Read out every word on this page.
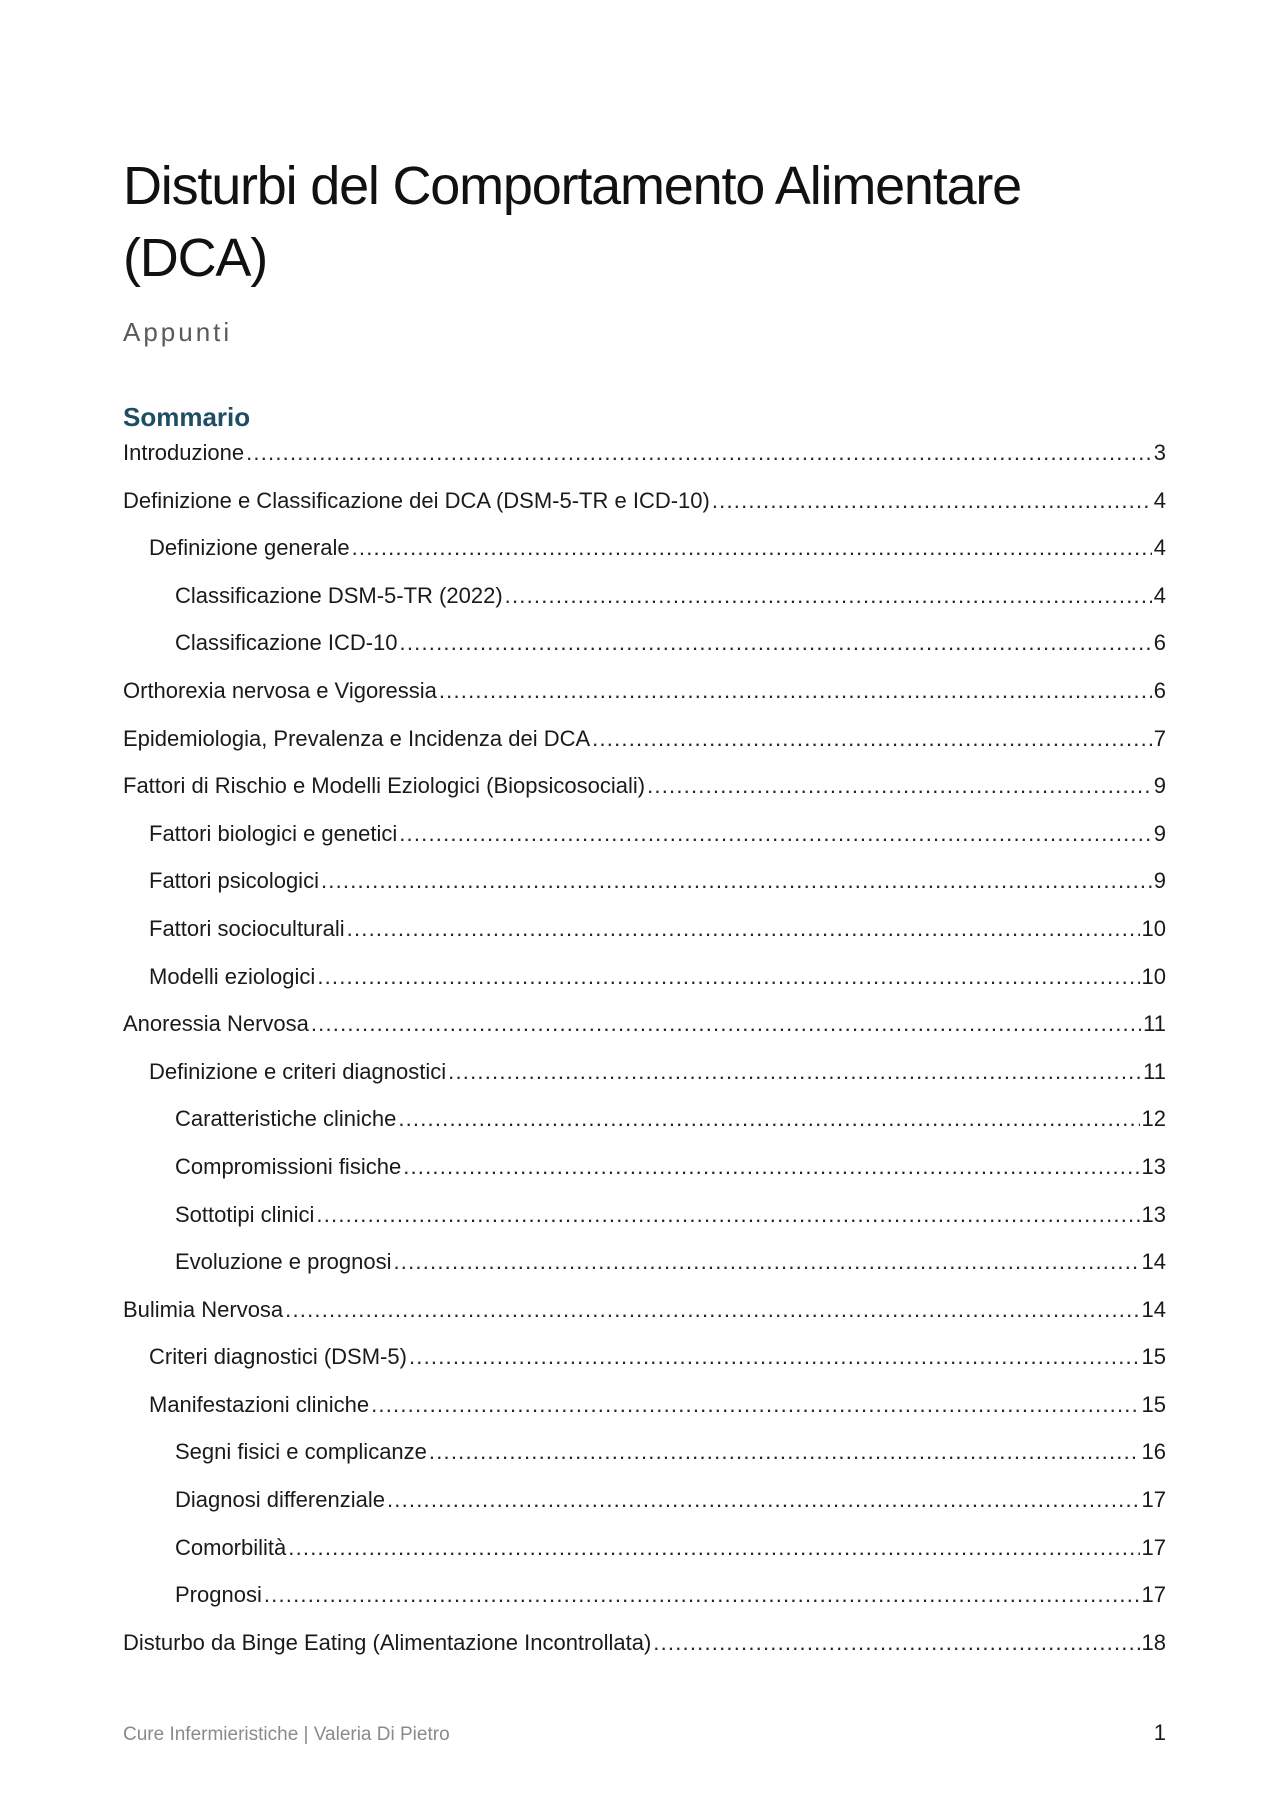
Disturbi del Comportamento Alimentare (DCA)
Appunti
Sommario
Introduzione .....	3
Definizione e Classificazione dei DCA (DSM-5-TR e ICD-10) .....	4
Definizione generale .....	4
Classificazione DSM-5-TR (2022) .....	4
Classificazione ICD-10 .....	6
Orthorexia nervosa e Vigoressia .....	6
Epidemiologia, Prevalenza e Incidenza dei DCA .....	7
Fattori di Rischio e Modelli Eziologici (Biopsicosociali) .....	9
Fattori biologici e genetici .....	9
Fattori psicologici .....	9
Fattori socioculturali .....	10
Modelli eziologici .....	10
Anoressia Nervosa .....	11
Definizione e criteri diagnostici .....	11
Caratteristiche cliniche .....	12
Compromissioni fisiche .....	13
Sottotipi clinici .....	13
Evoluzione e prognosi .....	14
Bulimia Nervosa .....	14
Criteri diagnostici (DSM-5) .....	15
Manifestazioni cliniche .....	15
Segni fisici e complicanze .....	16
Diagnosi differenziale .....	17
Comorbilità .....	17
Prognosi .....	17
Disturbo da Binge Eating (Alimentazione Incontrollata) .....	18
Cure Infermieristiche | Valeria Di Pietro	1
